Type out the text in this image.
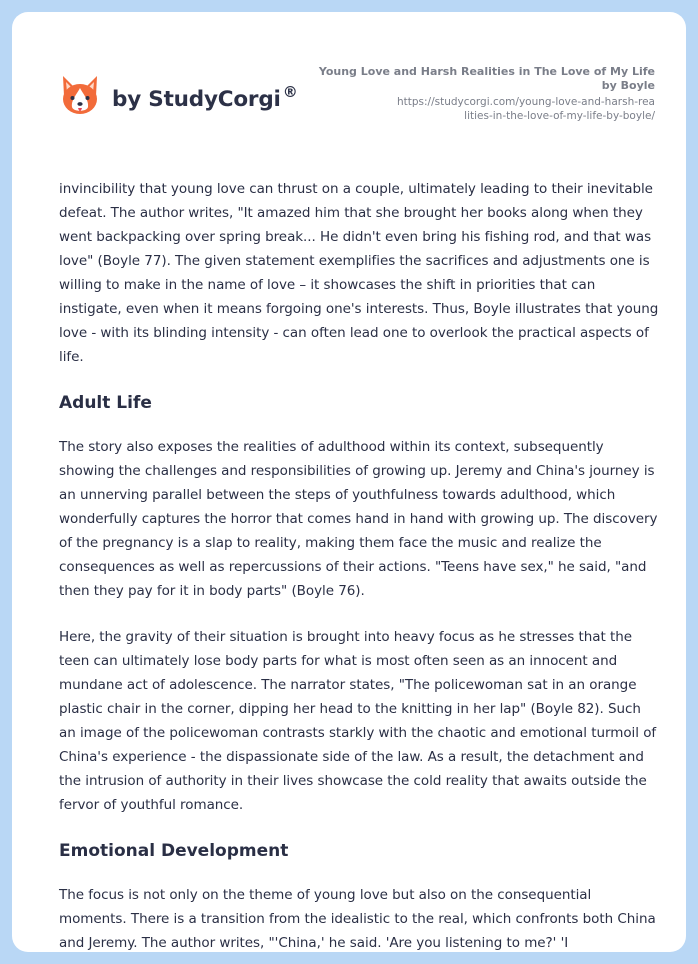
by StudyCorgi ®
Young Love and Harsh Realities in The Love of My Life by Boyle
https://studycorgi.com/young-love-and-harsh-realities-in-the-love-of-my-life-by-boyle/

invincibility that young love can thrust on a couple, ultimately leading to their inevitable defeat. The author writes, "It amazed him that she brought her books along when they went backpacking over spring break... He didn't even bring his fishing rod, and that was love" (Boyle 77). The given statement exemplifies the sacrifices and adjustments one is willing to make in the name of love – it showcases the shift in priorities that can instigate, even when it means forgoing one's interests. Thus, Boyle illustrates that young love - with its blinding intensity - can often lead one to overlook the practical aspects of life.

Adult Life

The story also exposes the realities of adulthood within its context, subsequently showing the challenges and responsibilities of growing up. Jeremy and China's journey is an unnerving parallel between the steps of youthfulness towards adulthood, which wonderfully captures the horror that comes hand in hand with growing up. The discovery of the pregnancy is a slap to reality, making them face the music and realize the consequences as well as repercussions of their actions. "Teens have sex," he said, "and then they pay for it in body parts" (Boyle 76).

Here, the gravity of their situation is brought into heavy focus as he stresses that the teen can ultimately lose body parts for what is most often seen as an innocent and mundane act of adolescence. The narrator states, "The policewoman sat in an orange plastic chair in the corner, dipping her head to the knitting in her lap" (Boyle 82). Such an image of the policewoman contrasts starkly with the chaotic and emotional turmoil of China's experience - the dispassionate side of the law. As a result, the detachment and the intrusion of authority in their lives showcase the cold reality that awaits outside the fervor of youthful romance.

Emotional Development

The focus is not only on the theme of young love but also on the consequential moments. There is a transition from the idealistic to the real, which confronts both China and Jeremy. The author writes, "'China,' he said. 'Are you listening to me?' 'I
